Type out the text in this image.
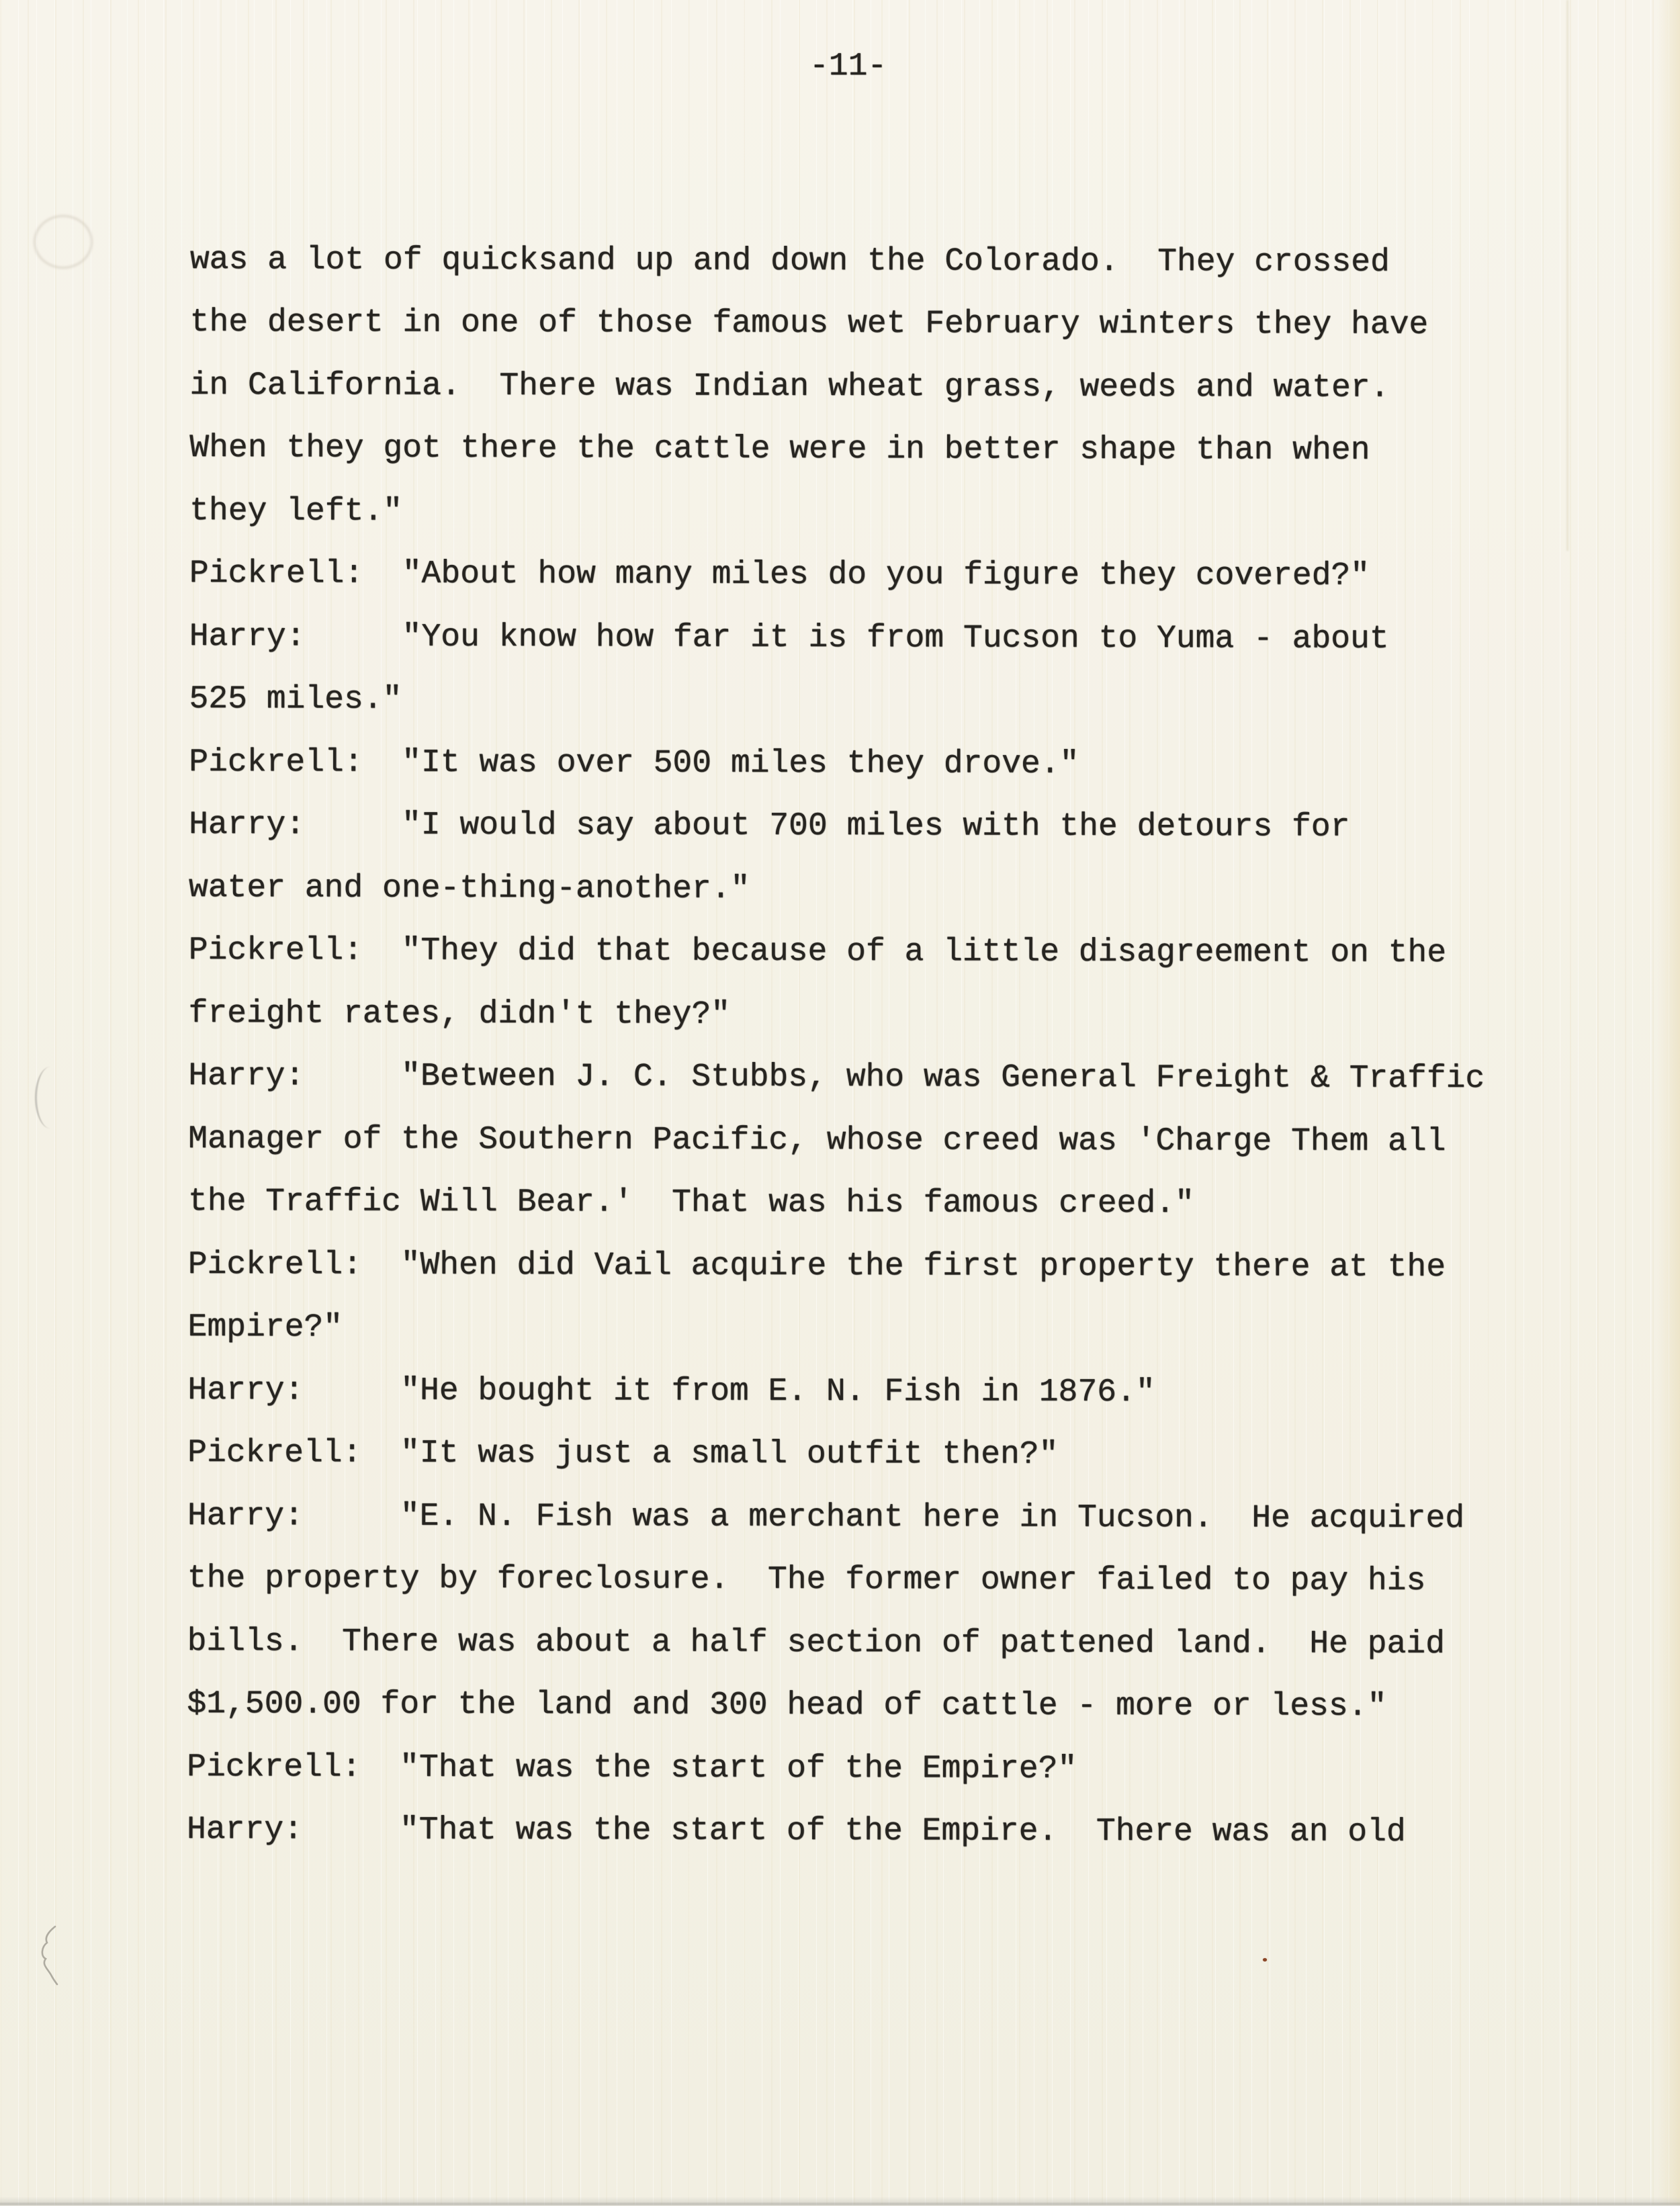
-11-
was a lot of quicksand up and down the Colorado.  They crossed
the desert in one of those famous wet February winters they have
in California.  There was Indian wheat grass, weeds and water.
When they got there the cattle were in better shape than when
they left."
Pickrell:  "About how many miles do you figure they covered?"
Harry:     "You know how far it is from Tucson to Yuma - about
525 miles."
Pickrell:  "It was over 500 miles they drove."
Harry:     "I would say about 700 miles with the detours for
water and one-thing-another."
Pickrell:  "They did that because of a little disagreement on the
freight rates, didn't they?"
Harry:     "Between J. C. Stubbs, who was General Freight & Traffic
Manager of the Southern Pacific, whose creed was 'Charge Them all
the Traffic Will Bear.'  That was his famous creed."
Pickrell:  "When did Vail acquire the first property there at the
Empire?"
Harry:     "He bought it from E. N. Fish in 1876."
Pickrell:  "It was just a small outfit then?"
Harry:     "E. N. Fish was a merchant here in Tucson.  He acquired
the property by foreclosure.  The former owner failed to pay his
bills.  There was about a half section of pattened land.  He paid
$1,500.00 for the land and 300 head of cattle - more or less."
Pickrell:  "That was the start of the Empire?"
Harry:     "That was the start of the Empire.  There was an old
